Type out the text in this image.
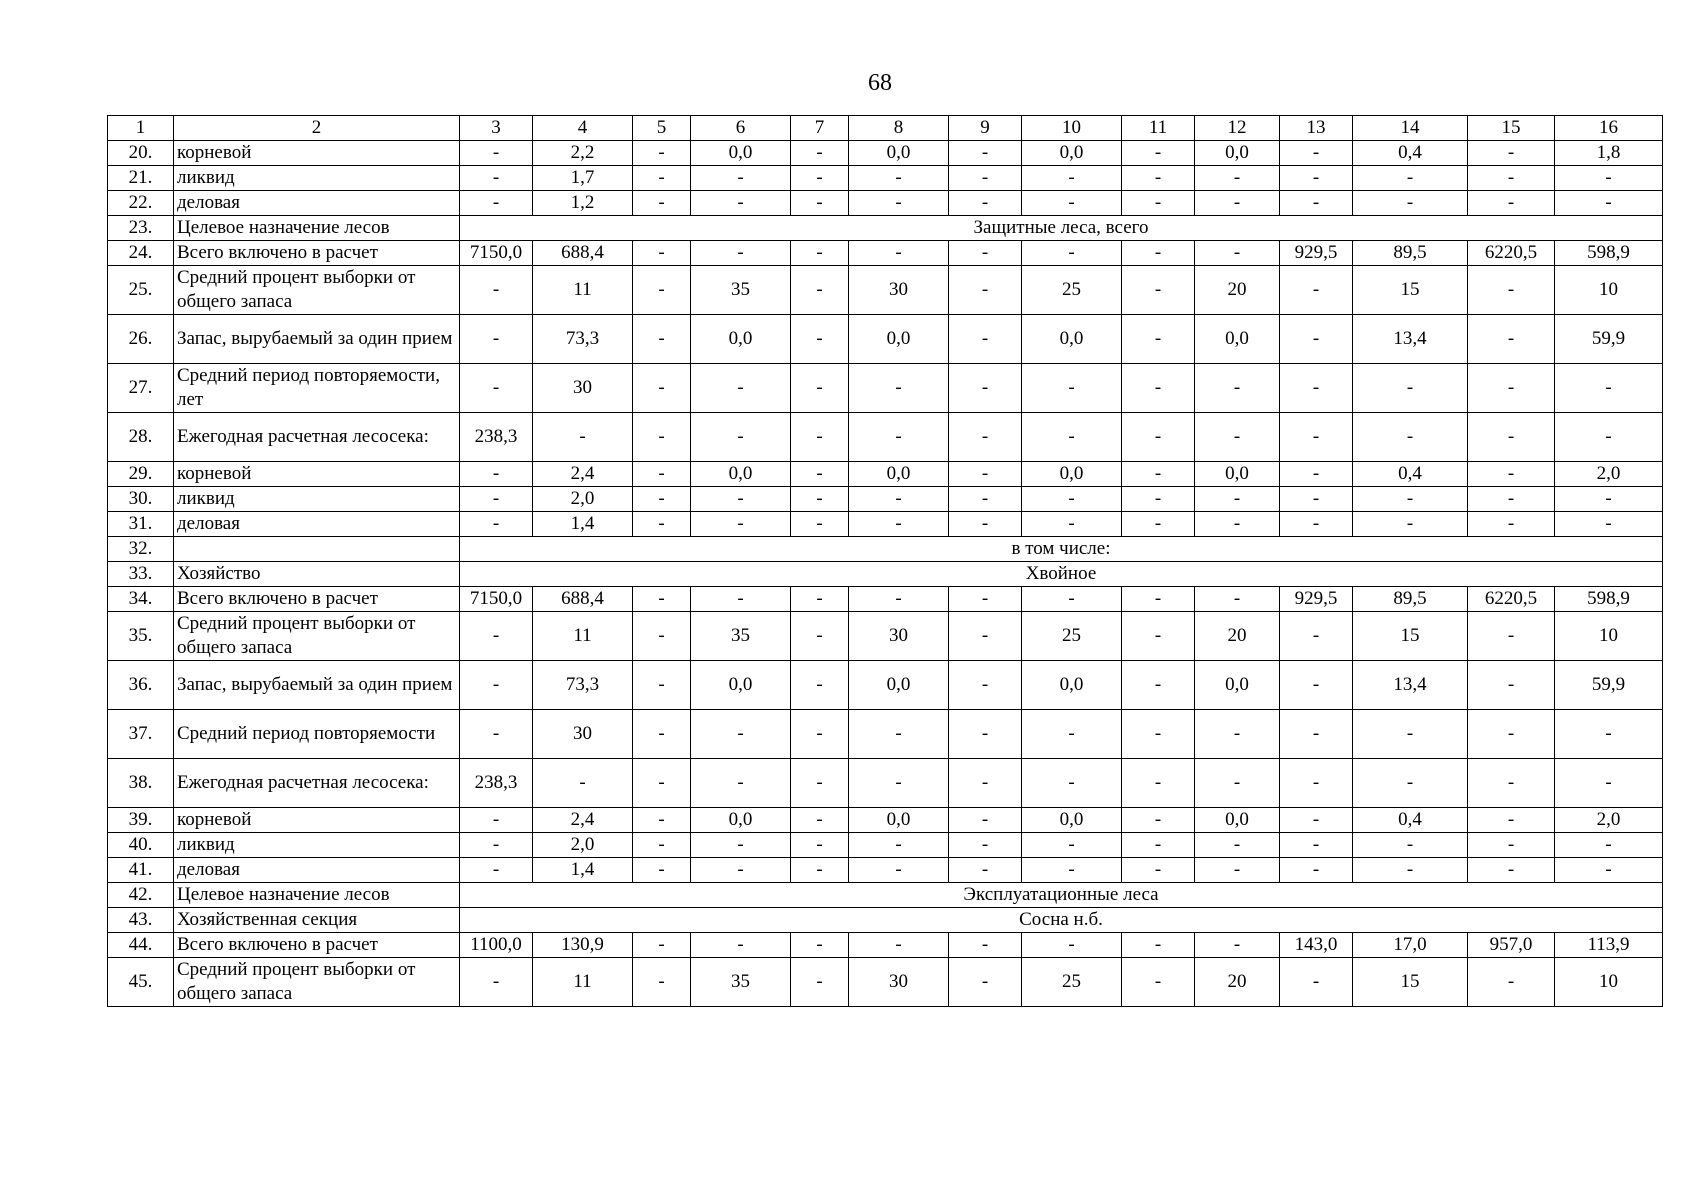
68
1	2	3	4	5	6	7	8	9	10	11	12	13	14	15	16
20.	корневой	-	2,2	-	0,0	-	0,0	-	0,0	-	0,0	-	0,4	-	1,8
21.	ликвид	-	1,7	-	-	-	-	-	-	-	-	-	-	-	-
22.	деловая	-	1,2	-	-	-	-	-	-	-	-	-	-	-	-
23.	Целевое назначение лесов	Защитные леса, всего													
24.	Всего включено в расчет	7150,0	688,4	-	-	-	-	-	-	-	-	929,5	89,5	6220,5	598,9
25.	Средний процент выборки от общего запаса	-	11	-	35	-	30	-	25	-	20	-	15	-	10
26.	Запас, вырубаемый за один прием	-	73,3	-	0,0	-	0,0	-	0,0	-	0,0	-	13,4	-	59,9
27.	Средний период повторяемости, лет	-	30	-	-	-	-	-	-	-	-	-	-	-	-
28.	Ежегодная расчетная лесосека:	238,3	-	-	-	-	-	-	-	-	-	-	-	-	-
29.	корневой	-	2,4	-	0,0	-	0,0	-	0,0	-	0,0	-	0,4	-	2,0
30.	ликвид	-	2,0	-	-	-	-	-	-	-	-	-	-	-	-
31.	деловая	-	1,4	-	-	-	-	-	-	-	-	-	-	-	-
32.		в том числе:													
33.	Хозяйство	Хвойное													
34.	Всего включено в расчет	7150,0	688,4	-	-	-	-	-	-	-	-	929,5	89,5	6220,5	598,9
35.	Средний процент выборки от общего запаса	-	11	-	35	-	30	-	25	-	20	-	15	-	10
36.	Запас, вырубаемый за один прием	-	73,3	-	0,0	-	0,0	-	0,0	-	0,0	-	13,4	-	59,9
37.	Средний период повторяемости	-	30	-	-	-	-	-	-	-	-	-	-	-	-
38.	Ежегодная расчетная лесосека:	238,3	-	-	-	-	-	-	-	-	-	-	-	-	-
39.	корневой	-	2,4	-	0,0	-	0,0	-	0,0	-	0,0	-	0,4	-	2,0
40.	ликвид	-	2,0	-	-	-	-	-	-	-	-	-	-	-	-
41.	деловая	-	1,4	-	-	-	-	-	-	-	-	-	-	-	-
42.	Целевое назначение лесов	Эксплуатационные леса													
43.	Хозяйственная секция	Сосна н.б.													
44.	Всего включено в расчет	1100,0	130,9	-	-	-	-	-	-	-	-	143,0	17,0	957,0	113,9
45.	Средний процент выборки от общего запаса	-	11	-	35	-	30	-	25	-	20	-	15	-	10
